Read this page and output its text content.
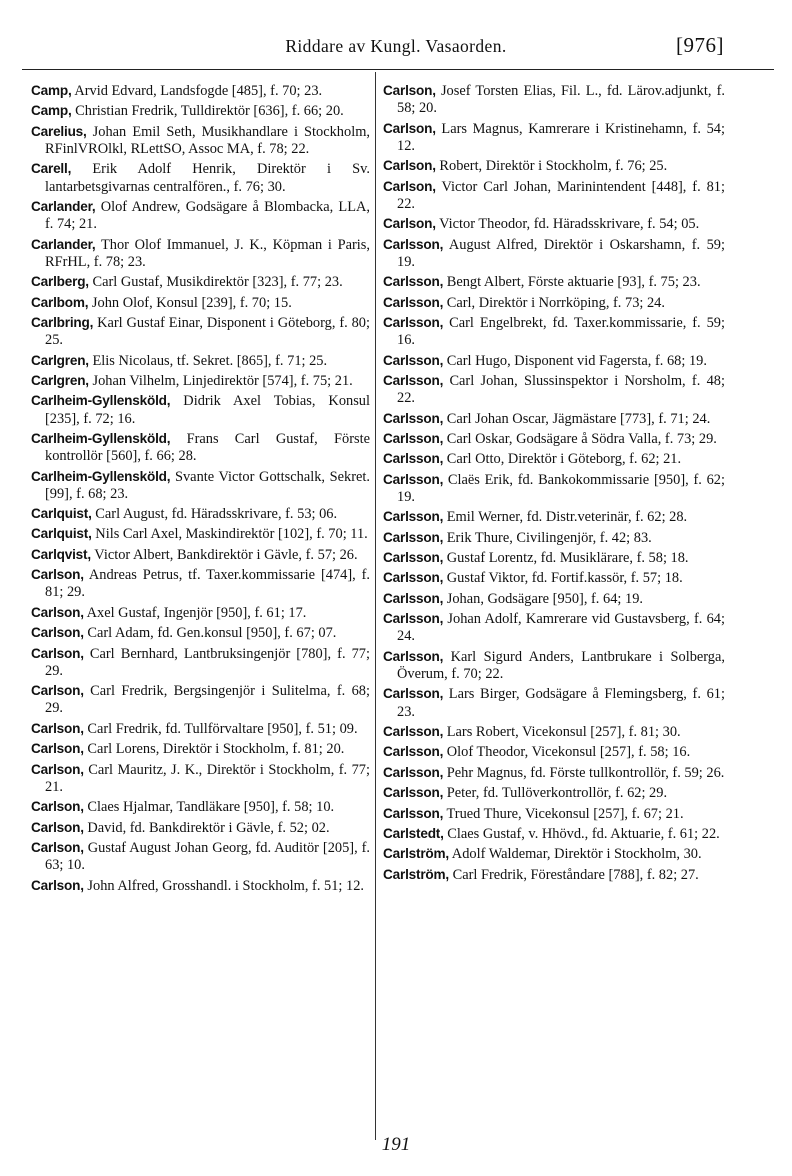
Riddare av Kungl. Vasaorden.	[976]
Camp, Arvid Edvard, Landsfogde [485], f. 70; 23.
Camp, Christian Fredrik, Tulldirektör [636], f. 66; 20.
Carelius, Johan Emil Seth, Musikhandlare i Stockholm, RFinlVROlkl, RLettSO, Assoc MA, f. 78; 22.
Carell, Erik Adolf Henrik, Direktör i Sv. lantarbetsgivarnas centralfören., f. 76; 30.
Carlander, Olof Andrew, Godsägare å Blombacka, LLA, f. 74; 21.
Carlander, Thor Olof Immanuel, J. K., Köpman i Paris, RFrHL, f. 78; 23.
Carlberg, Carl Gustaf, Musikdirektör [323], f. 77; 23.
Carlbom, John Olof, Konsul [239], f. 70; 15.
Carlbring, Karl Gustaf Einar, Disponent i Göteborg, f. 80; 25.
Carlgren, Elis Nicolaus, tf. Sekret. [865], f. 71; 25.
Carlgren, Johan Vilhelm, Linjedirektör [574], f. 75; 21.
Carlheim-Gyllensköld, Didrik Axel Tobias, Konsul [235], f. 72; 16.
Carlheim-Gyllensköld, Frans Carl Gustaf, Förste kontrollör [560], f. 66; 28.
Carlheim-Gyllensköld, Svante Victor Gottschalk, Sekret. [99], f. 68; 23.
Carlquist, Carl August, fd. Häradsskrivare, f. 53; 06.
Carlquist, Nils Carl Axel, Maskindirektör [102], f. 70; 11.
Carlqvist, Victor Albert, Bankdirektör i Gävle, f. 57; 26.
Carlson, Andreas Petrus, tf. Taxer.kommissarie [474], f. 81; 29.
Carlson, Axel Gustaf, Ingenjör [950], f. 61; 17.
Carlson, Carl Adam, fd. Gen.konsul [950], f. 67; 07.
Carlson, Carl Bernhard, Lantbruksingenjör [780], f. 77; 29.
Carlson, Carl Fredrik, Bergsingenjör i Sulitelma, f. 68; 29.
Carlson, Carl Fredrik, fd. Tullförvaltare [950], f. 51; 09.
Carlson, Carl Lorens, Direktör i Stockholm, f. 81; 20.
Carlson, Carl Mauritz, J. K., Direktör i Stockholm, f. 77; 21.
Carlson, Claes Hjalmar, Tandläkare [950], f. 58; 10.
Carlson, David, fd. Bankdirektör i Gävle, f. 52; 02.
Carlson, Gustaf August Johan Georg, fd. Auditör [205], f. 63; 10.
Carlson, John Alfred, Grosshandl. i Stockholm, f. 51; 12.
Carlson, Josef Torsten Elias, Fil. L., fd. Lärov.adjunkt, f. 58; 20.
Carlson, Lars Magnus, Kamrerare i Kristinehamn, f. 54; 12.
Carlson, Robert, Direktör i Stockholm, f. 76; 25.
Carlson, Victor Carl Johan, Marinintendent [448], f. 81; 22.
Carlson, Victor Theodor, fd. Häradsskrivare, f. 54; 05.
Carlsson, August Alfred, Direktör i Oskarshamn, f. 59; 19.
Carlsson, Bengt Albert, Förste aktuarie [93], f. 75; 23.
Carlsson, Carl, Direktör i Norrköping, f. 73; 24.
Carlsson, Carl Engelbrekt, fd. Taxer.kommissarie, f. 59; 16.
Carlsson, Carl Hugo, Disponent vid Fagersta, f. 68; 19.
Carlsson, Carl Johan, Slussinspektor i Norsholm, f. 48; 22.
Carlsson, Carl Johan Oscar, Jägmästare [773], f. 71; 24.
Carlsson, Carl Oskar, Godsägare å Södra Valla, f. 73; 29.
Carlsson, Carl Otto, Direktör i Göteborg, f. 62; 21.
Carlsson, Claës Erik, fd. Bankokommissarie [950], f. 62; 19.
Carlsson, Emil Werner, fd. Distr.veterinär, f. 62; 28.
Carlsson, Erik Thure, Civilingenjör, f. 42; 83.
Carlsson, Gustaf Lorentz, fd. Musiklärare, f. 58; 18.
Carlsson, Gustaf Viktor, fd. Fortif.kassör, f. 57; 18.
Carlsson, Johan, Godsägare [950], f. 64; 19.
Carlsson, Johan Adolf, Kamrerare vid Gustavsberg, f. 64; 24.
Carlsson, Karl Sigurd Anders, Lantbrukare i Solberga, Överum, f. 70; 22.
Carlsson, Lars Birger, Godsägare å Flemingsberg, f. 61; 23.
Carlsson, Lars Robert, Vicekonsul [257], f. 81; 30.
Carlsson, Olof Theodor, Vicekonsul [257], f. 58; 16.
Carlsson, Pehr Magnus, fd. Förste tullkontrollör, f. 59; 26.
Carlsson, Peter, fd. Tullöverkontrollör, f. 62; 29.
Carlsson, Trued Thure, Vicekonsul [257], f. 67; 21.
Carlstedt, Claes Gustaf, v. Hhövd., fd. Aktuarie, f. 61; 22.
Carlström, Adolf Waldemar, Direktör i Stockholm, 30.
Carlström, Carl Fredrik, Föreståndare [788], f. 82; 27.
191
